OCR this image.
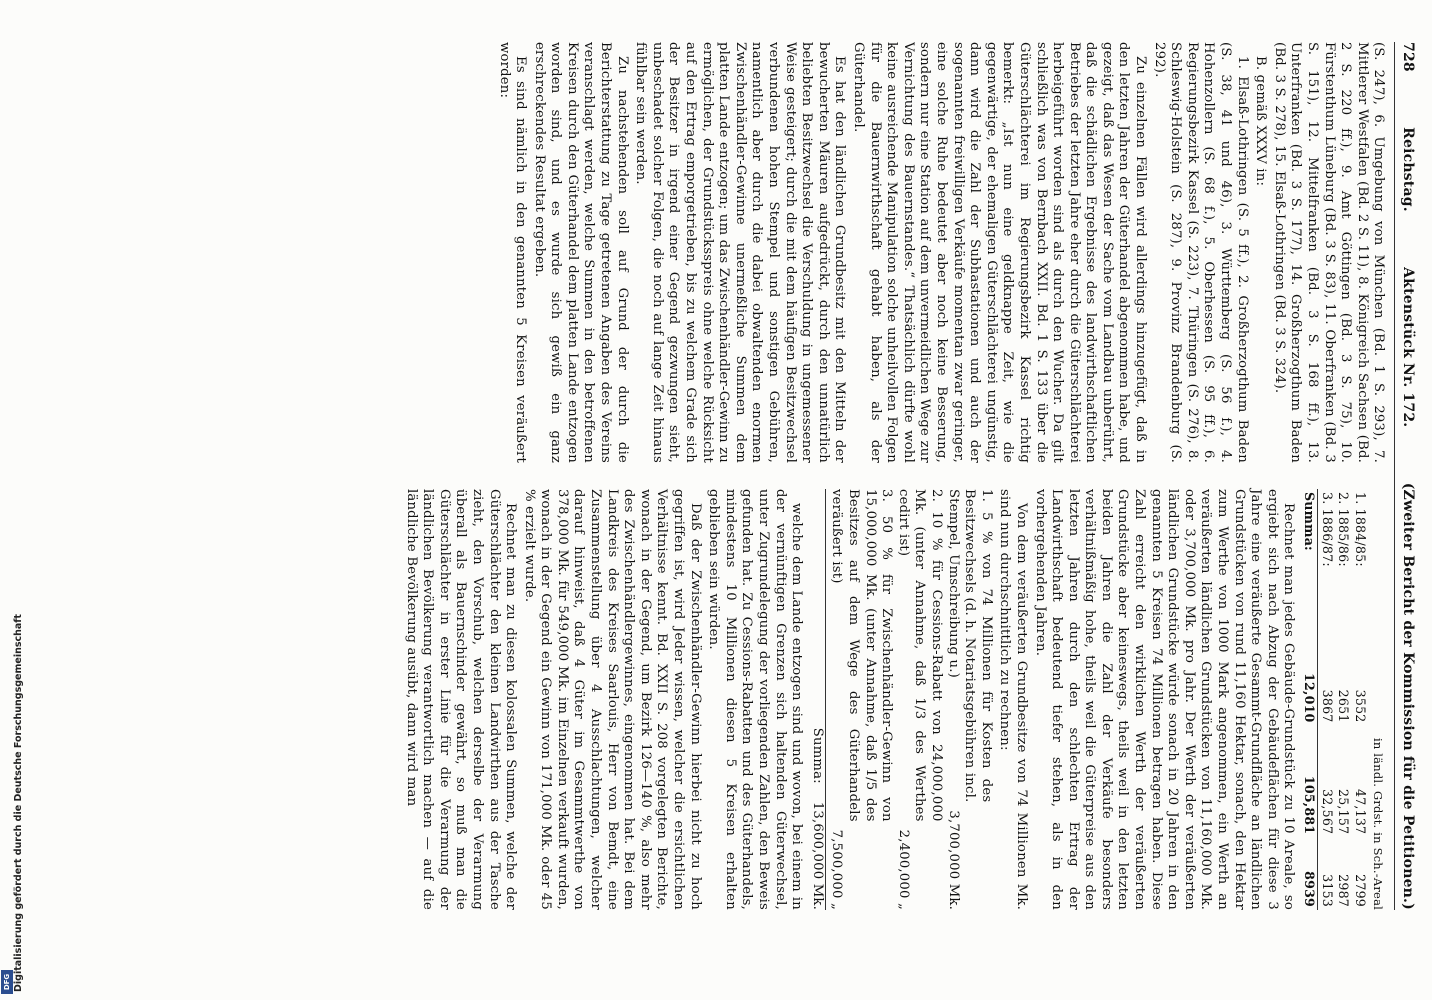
Digitalisierung gefördert durch die Deutsche Forschungsgemeinschaft
DFG
728
Reichstag.
Aktenstück Nr. 172.
(Zweiter Bericht der Kommission für die Petitionen.)

(S. 247), 6. Umgebung von München (Bd. 1 S. 293), 7. Mittlerer Westfalen (Bd. 2 S. 11), 8. Königreich Sachsen (Bd. 2 S. 220 ff.), 9. Amt Göttingen (Bd. 3 S. 75), 10. Fürstenthum Lüneburg (Bd. 3 S. 83), 11. Oberfranken (Bd. 3 S. 151), 12. Mittelfranken (Bd. 3 S. 168 ff.), 13. Unterfranken (Bd. 3 S. 177), 14. Großherzogthum Baden (Bd. 3 S. 278), 15. Elsaß-Lothringen (Bd. 3 S. 324).

B. gemäß XXXV in:

1. Elsaß-Lothringen (S. 5 ff.), 2. Großherzogthum Baden (S. 38, 41 und 46), 3. Württemberg (S. 56 f.), 4. Hohenzollern (S. 68 f.), 5. Oberhessen (S. 95 ff.), 6. Regierungsbezirk Kassel (S. 223), 7. Thüringen (S. 276), 8. Schleswig-Holstein (S. 287), 9. Provinz Brandenburg (S. 292).

Zu einzelnen Fällen wird allerdings hinzugefügt, daß in den letzten Jahren der Güterhandel abgenommen habe, und gezeigt, daß das Wesen der Sache vom Landbau unberührt, daß die schädlichen Ergebnisse des landwirthschaftlichen Betriebes der letzten Jahre eher durch die Güterschlächterei herbeigeführt worden sind als durch den Wucher. Da gilt schließlich was von Bernbach XXII. Bd. 1 S. 133 über die Güterschlächterei im Regierungsbezirk Kassel richtig bemerkt: „Ist nun eine geldknappe Zeit, wie die gegenwärtige, der ehemaligen Güterschlächterei ungünstig, dann wird die Zahl der Subhastationen und auch der sogenannten freiwilligen Verkäufe momentan zwar geringer, eine solche Ruhe bedeutet aber noch keine Besserung, sondern nur eine Station auf dem unvermeidlichen Wege zur Vernichtung des Bauernstandes.“ Thatsächlich dürfte wohl keine ausreichende Manipulation solche unheilvollen Folgen für die Bauernwirthschaft gehabt haben, als der Güterhandel.

Es hat den ländlichen Grundbesitz mit den Mitteln der bewucherten Mäuren aufgedrückt, durch den unnatürlich beliebten Besitzwechsel die Verschuldung in ungemessener Weise gesteigert; durch die mit dem häufigen Besitzwechsel verbundenen hohen Stempel und sonstigen Gebühren, namentlich aber durch die dabei obwaltenden enormen Zwischenhändler-Gewinne unermeßliche Summen dem platten Lande entzogen; um das Zwischenhändler-Gewinn zu ermöglichen, der Grundstücksspreis ohne welche Rücksicht auf den Ertrag emporgetrieben, bis zu welchem Grade sich der Besitzer in irgend einer Gegend gezwungen sieht, unbeschadet solcher Folgen, die noch auf lange Zeit hinaus fühlbar sein werden.

Zu nachstehenden soll auf Grund der durch die Berichterstattung zu Tage getretenen Angaben des Vereins veranschlagt werden, welche Summen in den betroffenen Kreisen durch den Güterhandel dem platten Lande entzogen worden sind, und es wurde sich gewiß ein ganz erschreckendes Resultat ergeben.

Es sind nämlich in den genannten 5 Kreisen veräußert worden:

in ländl. Grdst. in Sch.-Areal
1. 1884/85:	3552	47,137	2799
2. 1885/86:	2651	25,157	2987
3. 1886/87:	3867	32,567	3153
Summa:	12,010	105,881	8939

Rechnet man jedes Gebäude-Grundstück zu 10 Areale, so ergiebt sich nach Abzug der Gebäudeflächen für diese 3 Jahre eine veräußerte Gesammt-Grundfläche an ländlichen Grundstücken von rund 11,160 Hektar, sonach, den Hektar zum Werthe von 1000 Mark angenommen, ein Werth an veräußerten ländlichen Grundstücken von 11,160,000 Mk. oder 3,700,000 Mk. pro Jahr. Der Werth der veräußerten ländlichen Grundstücke würde sonach in 20 Jahren in den genannten 5 Kreisen 74 Millionen betragen haben. Diese Zahl erreicht den wirklichen Werth der veräußerten Grundstücke aber keineswegs, theils weil in den letzten beiden Jahren die Zahl der Verkäufe besonders verhältnißmäßig hohe, theils weil die Güterpreise aus den letzten Jahren durch den schlechten Ertrag der Landwirthschaft bedeutend tiefer stehen, als in den vorhergehenden Jahren.

Von dem veräußerten Grundbesitze von 74 Millionen Mk. sind nun durchschnittlich zu rechnen:

1. 5 % von 74 Millionen für Kosten des Besitzwechsels (d. h. Notariatsgebühren incl. Stempel, Umschreibung u.)
3,700,000 Mk.
2. 10 % für Cessions-Rabatt von 24,000,000 Mk. (unter Annahme, daß 1/3 des Werthes cedirt ist)
2,400,000 „
3. 50 % für Zwischenhändler-Gewinn von 15,000,000 Mk. (unter Annahme, daß 1/5 des Besitzes auf dem Wege des Güterhandels veräußert ist)
7,500,000 „
Summa:
13,600,000 Mk.

welche dem Lande entzogen sind und wovon, bei einem in der vernünftigen Grenzen sich haltenden Güterwechsel, unter Zugrundelegung der vorliegenden Zahlen, den Beweis gefunden hat. Zu Cessions-Rabatten und des Güterhandels, mindestens 10 Millionen diesen 5 Kreisen erhalten geblieben sein würden.

Daß der Zwischenhändler-Gewinn hierbei nicht zu hoch gegriffen ist, wird Jeder wissen, welcher die ersichtlichen Verhältnisse kennt. Bd. XXII S. 208 vorgelegten Berichte, wonach in der Gegend, um Bezirk 126—140 %, also mehr des Zwischenhändlergewinnes, eingenommen hat. Bei dem Landkreis des Kreises Saarlouis, Herr von Bemdt, eine Zusammenstellung über 4 Ausschlachtungen, welcher darauf hinweist, daß 4 Güter im Gesammtwerthe von 378,000 Mk. für 549,000 Mk. im Einzelnen verkauft wurden, wonach in der Gegend ein Gewinn von 171,000 Mk. oder 45 % erzielt wurde.

Rechnet man zu diesen kolossalen Summen, welche der Güterschlächter den kleinen Landwirthen aus der Tasche zieht, den Vorschub, welchen derselbe der Verarmung überall als Bauernschinder gewährt, so muß man die Güterschlächter in erster Linie für die Verarmung der ländlichen Bevölkerung verantwortlich machen — auf die ländliche Bevölkerung ausübt, dann wird man
